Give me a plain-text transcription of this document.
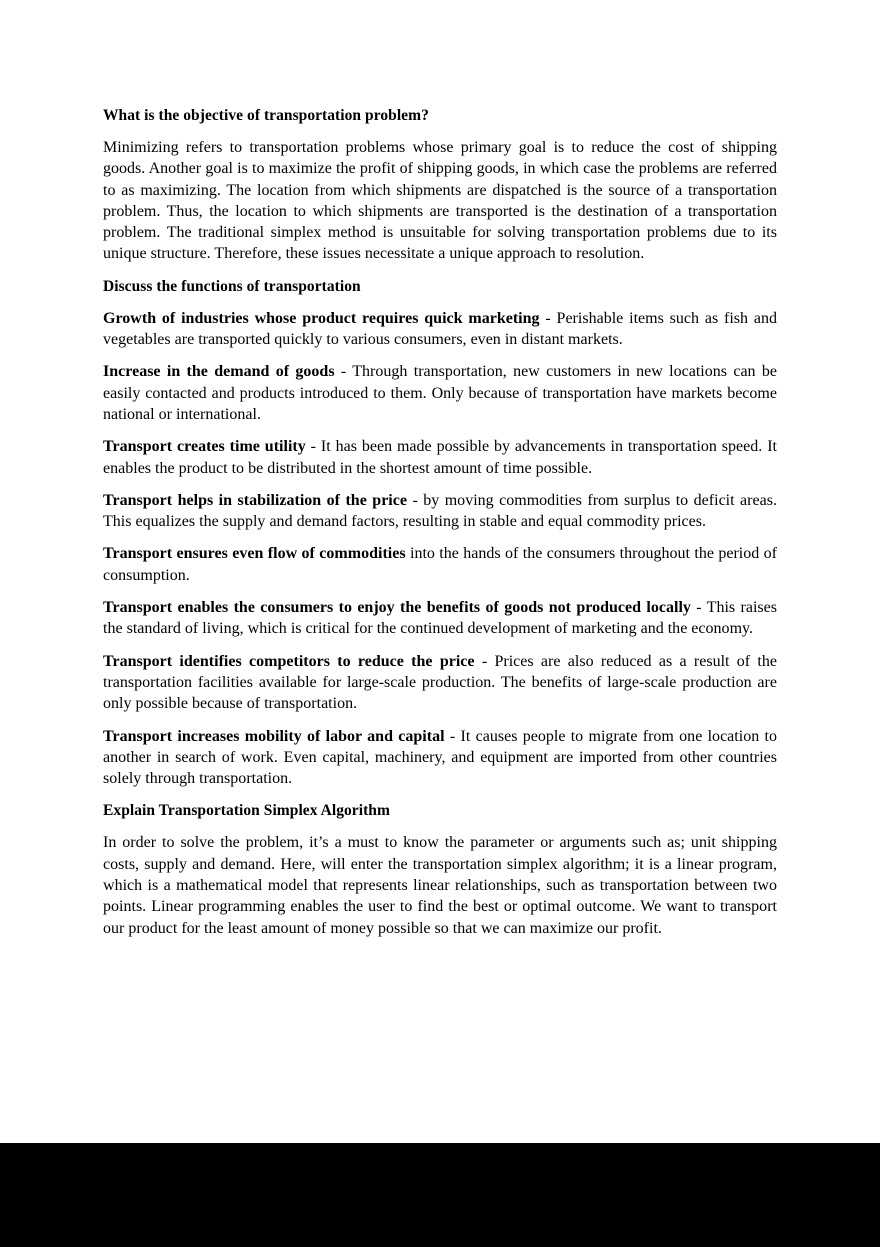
What is the objective of transportation problem?

Minimizing refers to transportation problems whose primary goal is to reduce the cost of shipping goods. Another goal is to maximize the profit of shipping goods, in which case the problems are referred to as maximizing. The location from which shipments are dispatched is the source of a transportation problem. Thus, the location to which shipments are transported is the destination of a transportation problem. The traditional simplex method is unsuitable for solving transportation problems due to its unique structure. Therefore, these issues necessitate a unique approach to resolution.

Discuss the functions of transportation

Growth of industries whose product requires quick marketing - Perishable items such as fish and vegetables are transported quickly to various consumers, even in distant markets.

Increase in the demand of goods - Through transportation, new customers in new locations can be easily contacted and products introduced to them. Only because of transportation have markets become national or international.

Transport creates time utility - It has been made possible by advancements in transportation speed. It enables the product to be distributed in the shortest amount of time possible.

Transport helps in stabilization of the price - by moving commodities from surplus to deficit areas. This equalizes the supply and demand factors, resulting in stable and equal commodity prices.

Transport ensures even flow of commodities into the hands of the consumers throughout the period of consumption.

Transport enables the consumers to enjoy the benefits of goods not produced locally - This raises the standard of living, which is critical for the continued development of marketing and the economy.

Transport identifies competitors to reduce the price - Prices are also reduced as a result of the transportation facilities available for large-scale production. The benefits of large-scale production are only possible because of transportation.

Transport increases mobility of labor and capital - It causes people to migrate from one location to another in search of work. Even capital, machinery, and equipment are imported from other countries solely through transportation.

Explain Transportation Simplex Algorithm

In order to solve the problem, it’s a must to know the parameter or arguments such as; unit shipping costs, supply and demand. Here, will enter the transportation simplex algorithm; it is a linear program, which is a mathematical model that represents linear relationships, such as transportation between two points. Linear programming enables the user to find the best or optimal outcome. We want to transport our product for the least amount of money possible so that we can maximize our profit.
